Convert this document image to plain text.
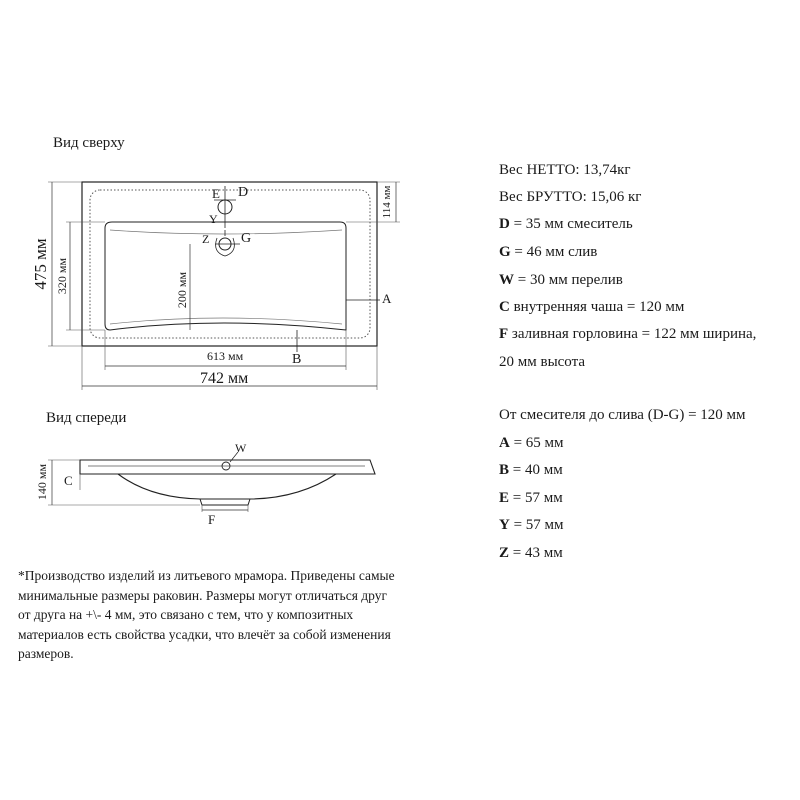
475 мм 320 мм	200 мм
114 мм
140 мм
Вид сверху
E D
Y
Z G
A
B
613 мм
742 мм
Вид спереди
W
C
F
Вес НЕТТО: 13,74кг
Вес БРУТТО: 15,06 кг
D = 35 мм смеситель
G = 46 мм слив
W = 30 мм перелив
C внутренняя чаша = 120 мм
F заливная горловина = 122 мм ширина,
20 мм высота
От смесителя до слива (D-G) = 120 мм
A = 65 мм
B = 40 мм
E = 57 мм
Y = 57 мм
Z = 43 мм
*Производство изделий из литьевого мрамора. Приведены самые
минимальные размеры раковин. Размеры могут отличаться друг
от друга на +\- 4 мм, это связано с тем, что у композитных
материалов есть свойства усадки, что влечёт за собой изменения
размеров.
